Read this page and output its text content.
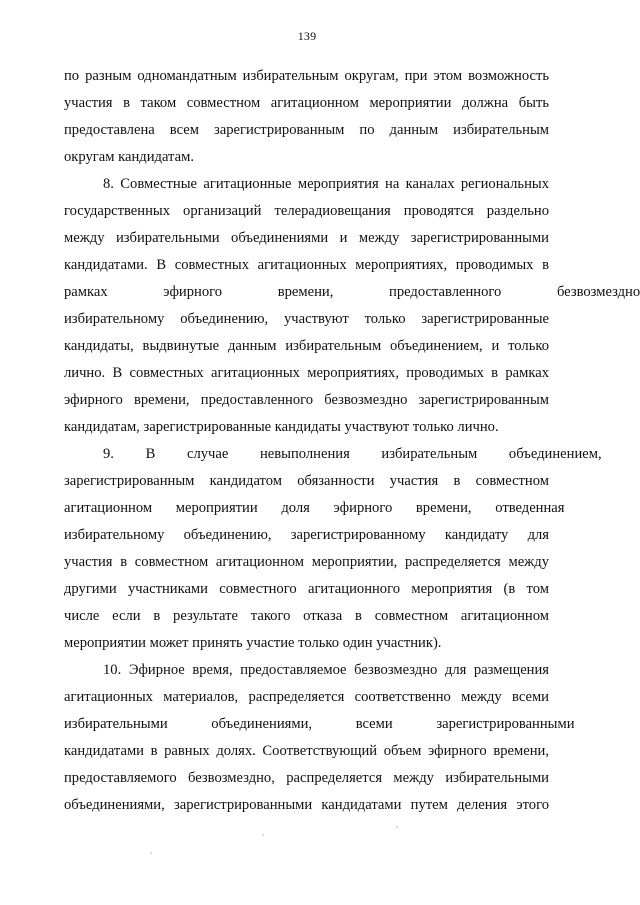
139
по разным одномандатным избирательным округам, при этом возможность
участия в таком совместном агитационном мероприятии должна быть
предоставлена всем зарегистрированным по данным избирательным
округам кандидатам.
8. Совместные агитационные мероприятия на каналах региональных
государственных организаций телерадиовещания проводятся раздельно
между избирательными объединениями и между зарегистрированными
кандидатами. В совместных агитационных мероприятиях, проводимых в
рамках эфирного времени, предоставленного безвозмездно
избирательному объединению, участвуют только зарегистрированные
кандидаты, выдвинутые данным избирательным объединением, и только
лично. В совместных агитационных мероприятиях, проводимых в рамках
эфирного времени, предоставленного безвозмездно зарегистрированным
кандидатам, зарегистрированные кандидаты участвуют только лично.
9. В случае невыполнения избирательным объединением,
зарегистрированным кандидатом обязанности участия в совместном
агитационном мероприятии доля эфирного времени, отведенная
избирательному объединению, зарегистрированному кандидату для
участия в совместном агитационном мероприятии, распределяется между
другими участниками совместного агитационного мероприятия (в том
числе если в результате такого отказа в совместном агитационном
мероприятии может принять участие только один участник).
10. Эфирное время, предоставляемое безвозмездно для размещения
агитационных материалов, распределяется соответственно между всеми
избирательными объединениями, всеми зарегистрированными
кандидатами в равных долях. Соответствующий объем эфирного времени,
предоставляемого безвозмездно, распределяется между избирательными
объединениями, зарегистрированными кандидатами путем деления этого
